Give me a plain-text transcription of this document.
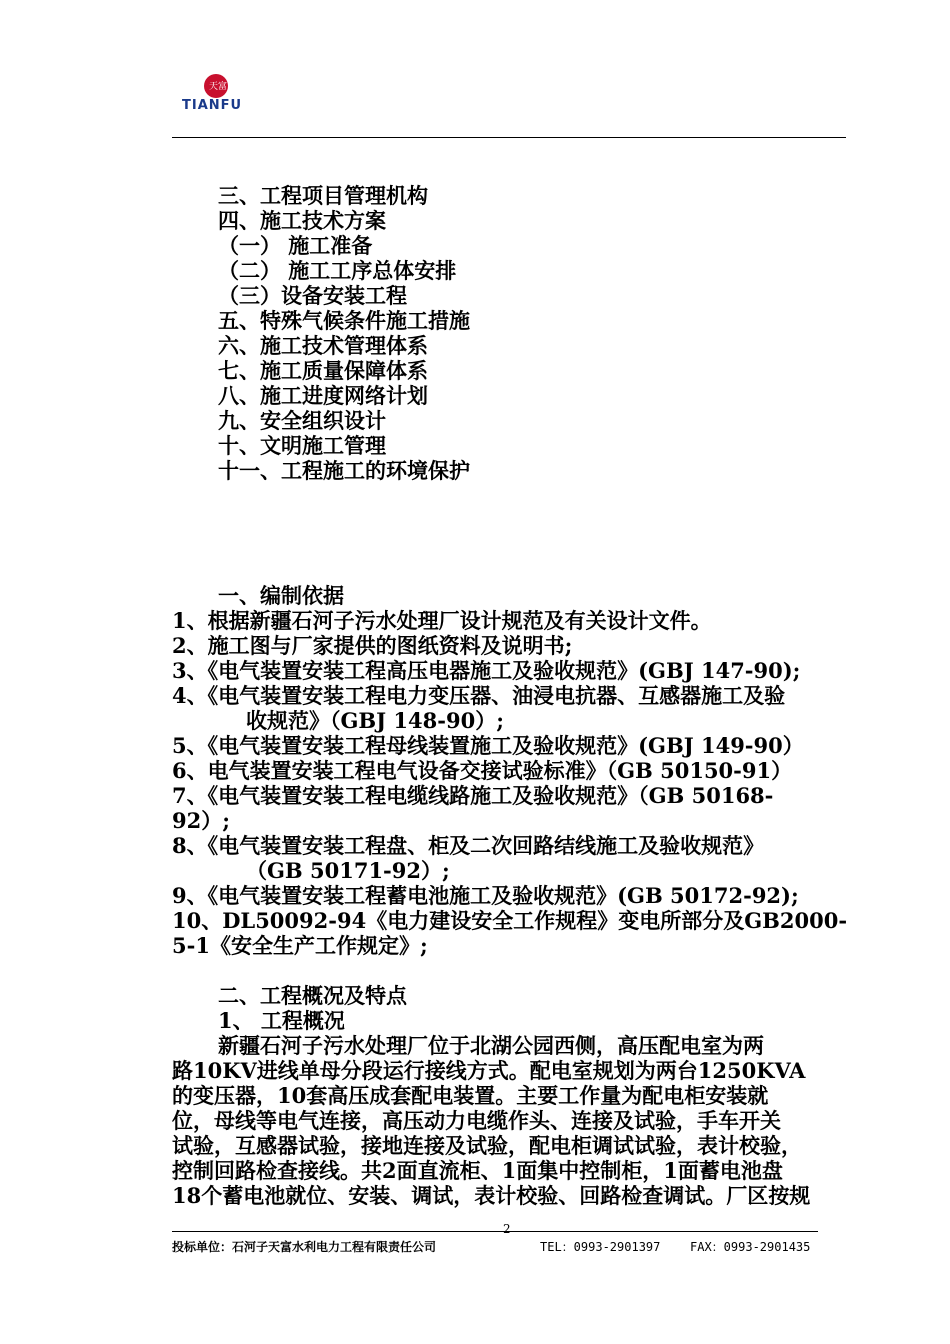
天富
TIANFU
三、工程项目管理机构
四、施工技术方案
（一） 施工准备
（二） 施工工序总体安排
（三）设备安装工程
五、特殊气候条件施工措施
六、施工技术管理体系
七、施工质量保障体系
八、施工进度网络计划
九、安全组织设计
十、文明施工管理
十一、工程施工的环境保护
一、编制依据
1、根据新疆石河子污水处理厂设计规范及有关设计文件。
2、施工图与厂家提供的图纸资料及说明书;
3、《电气装置安装工程高压电器施工及验收规范》(GBJ 147-90);
4、《电气装置安装工程电力变压器、油浸电抗器、互感器施工及验
收规范》（GBJ 148-90）;
5、《电气装置安装工程母线装置施工及验收规范》(GBJ 149-90）
6、电气装置安装工程电气设备交接试验标准》（GB 50150-91）
7、《电气装置安装工程电缆线路施工及验收规范》（GB 50168-
92）;
8、《电气装置安装工程盘、柜及二次回路结线施工及验收规范》
（GB 50171-92）;
9、《电气装置安装工程蓄电池施工及验收规范》(GB 50172-92);
10、DL50092-94《电力建设安全工作规程》变电所部分及GB2000-
5-1《安全生产工作规定》;
二、工程概况及特点
1、 工程概况
新疆石河子污水处理厂位于北湖公园西侧，高压配电室为两
路10KV进线单母分段运行接线方式。配电室规划为两台1250KVA
的变压器，10套高压成套配电装置。主要工作量为配电柜安装就
位，母线等电气连接，高压动力电缆作头、连接及试验，手车开关
试验，互感器试验，接地连接及试验，配电柜调试试验，表计校验，
控制回路检查接线。共2面直流柜、1面集中控制柜，1面蓄电池盘
18个蓄电池就位、安装、调试，表计校验、回路检查调试。厂区按规
2
投标单位：石河子天富水利电力工程有限责任公司	TEL：0993-2901397 FAX：0993-2901435
